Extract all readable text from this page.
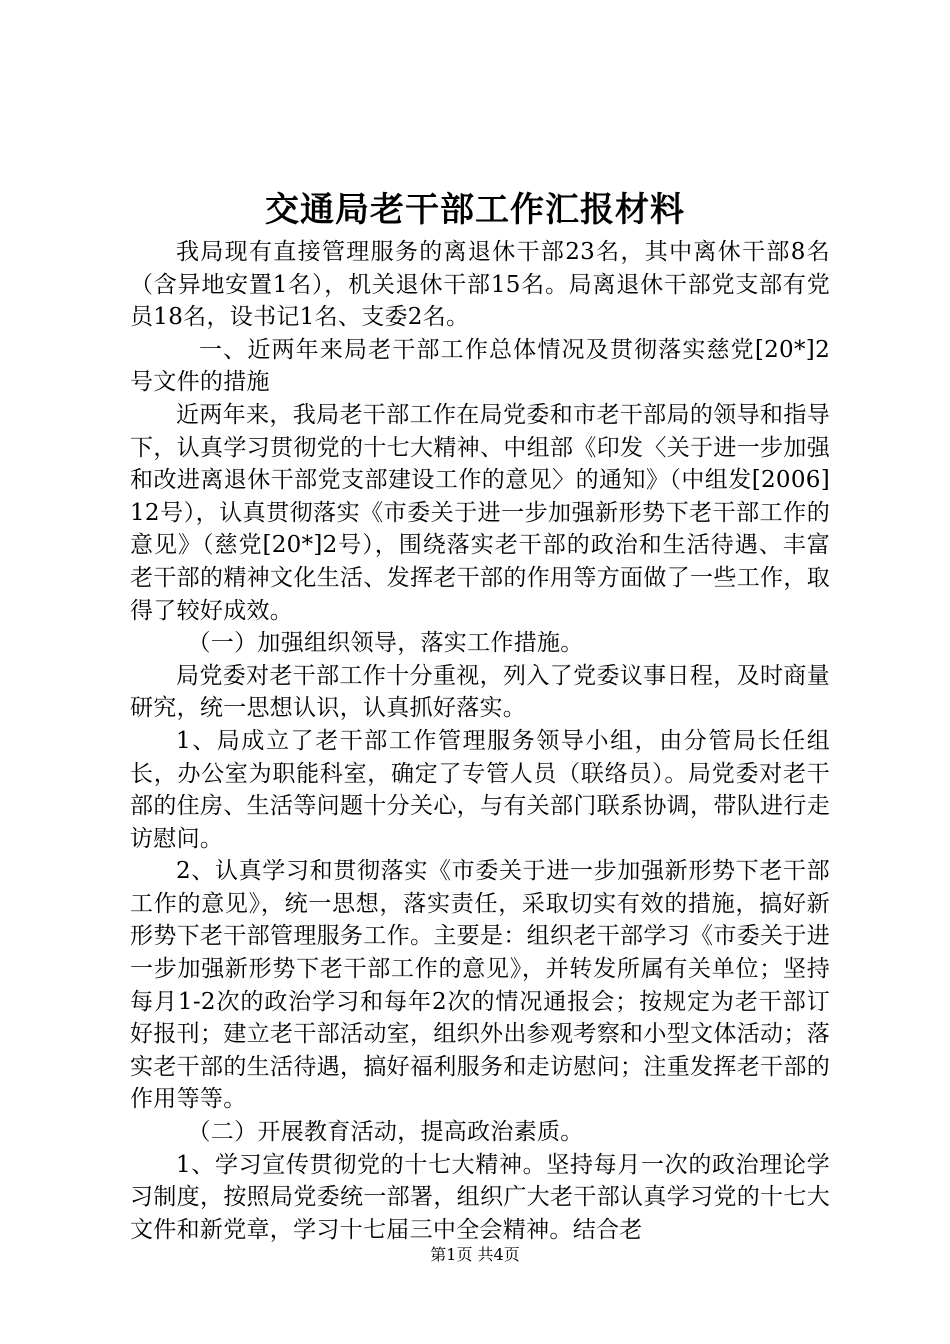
交通局老干部工作汇报材料

我局现有直接管理服务的离退休干部23名，其中离休干部8名（含异地安置1名），机关退休干部15名。局离退休干部党支部有党员18名，设书记1名、支委2名。

一、近两年来局老干部工作总体情况及贯彻落实慈党[20*]2号文件的措施

近两年来，我局老干部工作在局党委和市老干部局的领导和指导下，认真学习贯彻党的十七大精神、中组部《印发〈关于进一步加强和改进离退休干部党支部建设工作的意见〉的通知》（中组发[2006]12号），认真贯彻落实《市委关于进一步加强新形势下老干部工作的意见》（慈党[20*]2号），围绕落实老干部的政治和生活待遇、丰富老干部的精神文化生活、发挥老干部的作用等方面做了一些工作，取得了较好成效。

（一）加强组织领导，落实工作措施。

局党委对老干部工作十分重视，列入了党委议事日程，及时商量研究，统一思想认识，认真抓好落实。

1、局成立了老干部工作管理服务领导小组，由分管局长任组长，办公室为职能科室，确定了专管人员（联络员）。局党委对老干部的住房、生活等问题十分关心，与有关部门联系协调，带队进行走访慰问。

2、认真学习和贯彻落实《市委关于进一步加强新形势下老干部工作的意见》，统一思想，落实责任，采取切实有效的措施，搞好新形势下老干部管理服务工作。主要是：组织老干部学习《市委关于进一步加强新形势下老干部工作的意见》，并转发所属有关单位；坚持每月1-2次的政治学习和每年2次的情况通报会；按规定为老干部订好报刊；建立老干部活动室，组织外出参观考察和小型文体活动；落实老干部的生活待遇，搞好福利服务和走访慰问；注重发挥老干部的作用等等。

（二）开展教育活动，提高政治素质。

1、学习宣传贯彻党的十七大精神。坚持每月一次的政治理论学习制度，按照局党委统一部署，组织广大老干部认真学习党的十七大文件和新党章，学习十七届三中全会精神。结合老

第1页 共4页
